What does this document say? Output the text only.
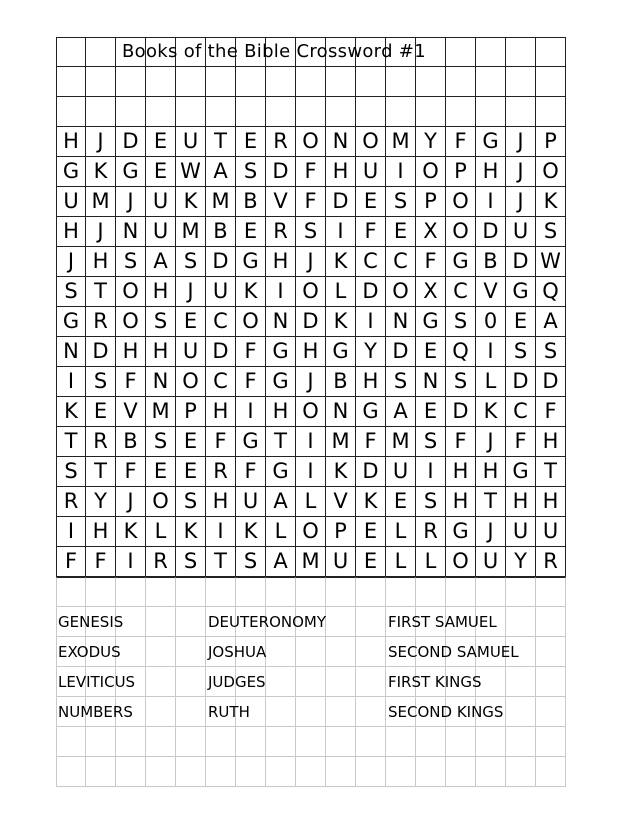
Books of the Bible Crossword #1
H J D E U T E R O N O M Y F G J P
G K G E W A S D F H U I O P H J O
U M J U K M B V F D E S P O I	J K
H J N U M B E R S I F E X O D U S
J H S A S D G H J K C C F G B D W
S T O H J U K I O L D O X C V G Q
G R O S E C O N D K I N G S 0 E A
N D H H U D F G H G Y D E Q I S S
I S F N O C F G J B H S N S L D D
K E V M P H I H O N G A E D K C F
T R B S E F G T I M F M S F J F H
S T F E E R F G I K D U I H H G T
R Y J O S H U A L V K E S H T H H
I H K L K I K L O P E L R G J U U
F F I R S T S A M U E L L O U Y R
GENESIS
EXODUS
LEVITICUS
NUMBERS
DEUTERONOMY
JOSHUA
JUDGES
RUTH
FIRST SAMUEL
SECOND SAMUEL
FIRST KINGS
SECOND KINGS
